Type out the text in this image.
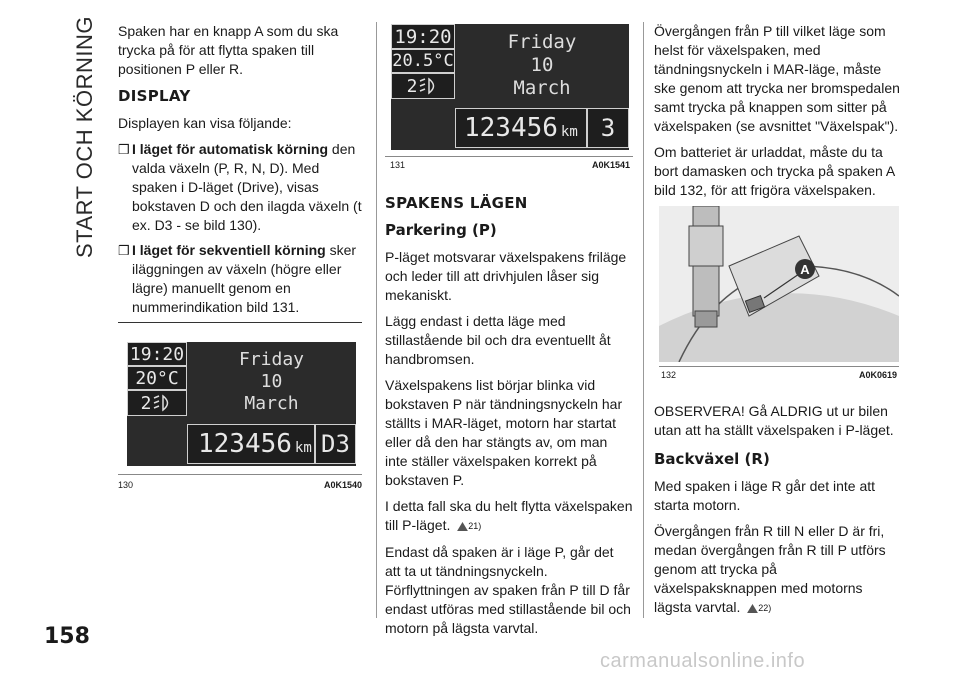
START OCH KÖRNING
158

Spaken har en knapp A som du ska trycka på för att flytta spaken till positionen P eller R.

DISPLAY

Displayen kan visa följande:

❒ I läget för automatisk körning den valda växeln (P, R, N, D). Med spaken i D-läget (Drive), visas bokstaven D och den ilagda växeln (t ex. D3 - se bild 130).
❒ I läget för sekventiell körning sker iläggningen av växeln (högre eller lägre) manuellt genom en nummerindikation bild 131.
19:20
20°C
2
Friday
10
March
123456 km D3
130	A0K1540
19:20
20.5°C
2
Friday
10
March
123456 km 3
131	A0K1541
SPAKENS LÄGEN
Parkering (P)

P-läget motsvarar växelspakens friläge och leder till att drivhjulen låser sig mekaniskt.

Lägg endast i detta läge med stillastående bil och dra eventuellt åt handbromsen.

Växelspakens list börjar blinka vid bokstaven P när tändningsnyckeln har ställts i MAR-läget, motorn har startat eller då den har stängts av, om man inte ställer växelspaken korrekt på bokstaven P.

I detta fall ska du helt flytta växelspaken till P-läget. 21)

Endast då spaken är i läge P, går det att ta ut tändningsnyckeln. Förflyttningen av spaken från P till D får endast utföras med stillastående bil och motorn på lägsta varvtal.

Övergången från P till vilket läge som helst för växelspaken, med tändningsnyckeln i MAR-läge, måste ske genom att trycka ner bromspedalen samt trycka på knappen som sitter på växelspaken (se avsnittet "Växelspak").

Om batteriet är urladdat, måste du ta bort damasken och trycka på spaken A bild 132, för att frigöra växelspaken.

A
132	A0K0619

OBSERVERA! Gå ALDRIG ut ur bilen utan att ha ställt växelspaken i P-läget.

Backväxel (R)

Med spaken i läge R går det inte att starta motorn.

Övergången från R till N eller D är fri, medan övergången från R till P utförs genom att trycka på växelspaksknappen med motorns lägsta varvtal. 22)

carmanualsonline.info
